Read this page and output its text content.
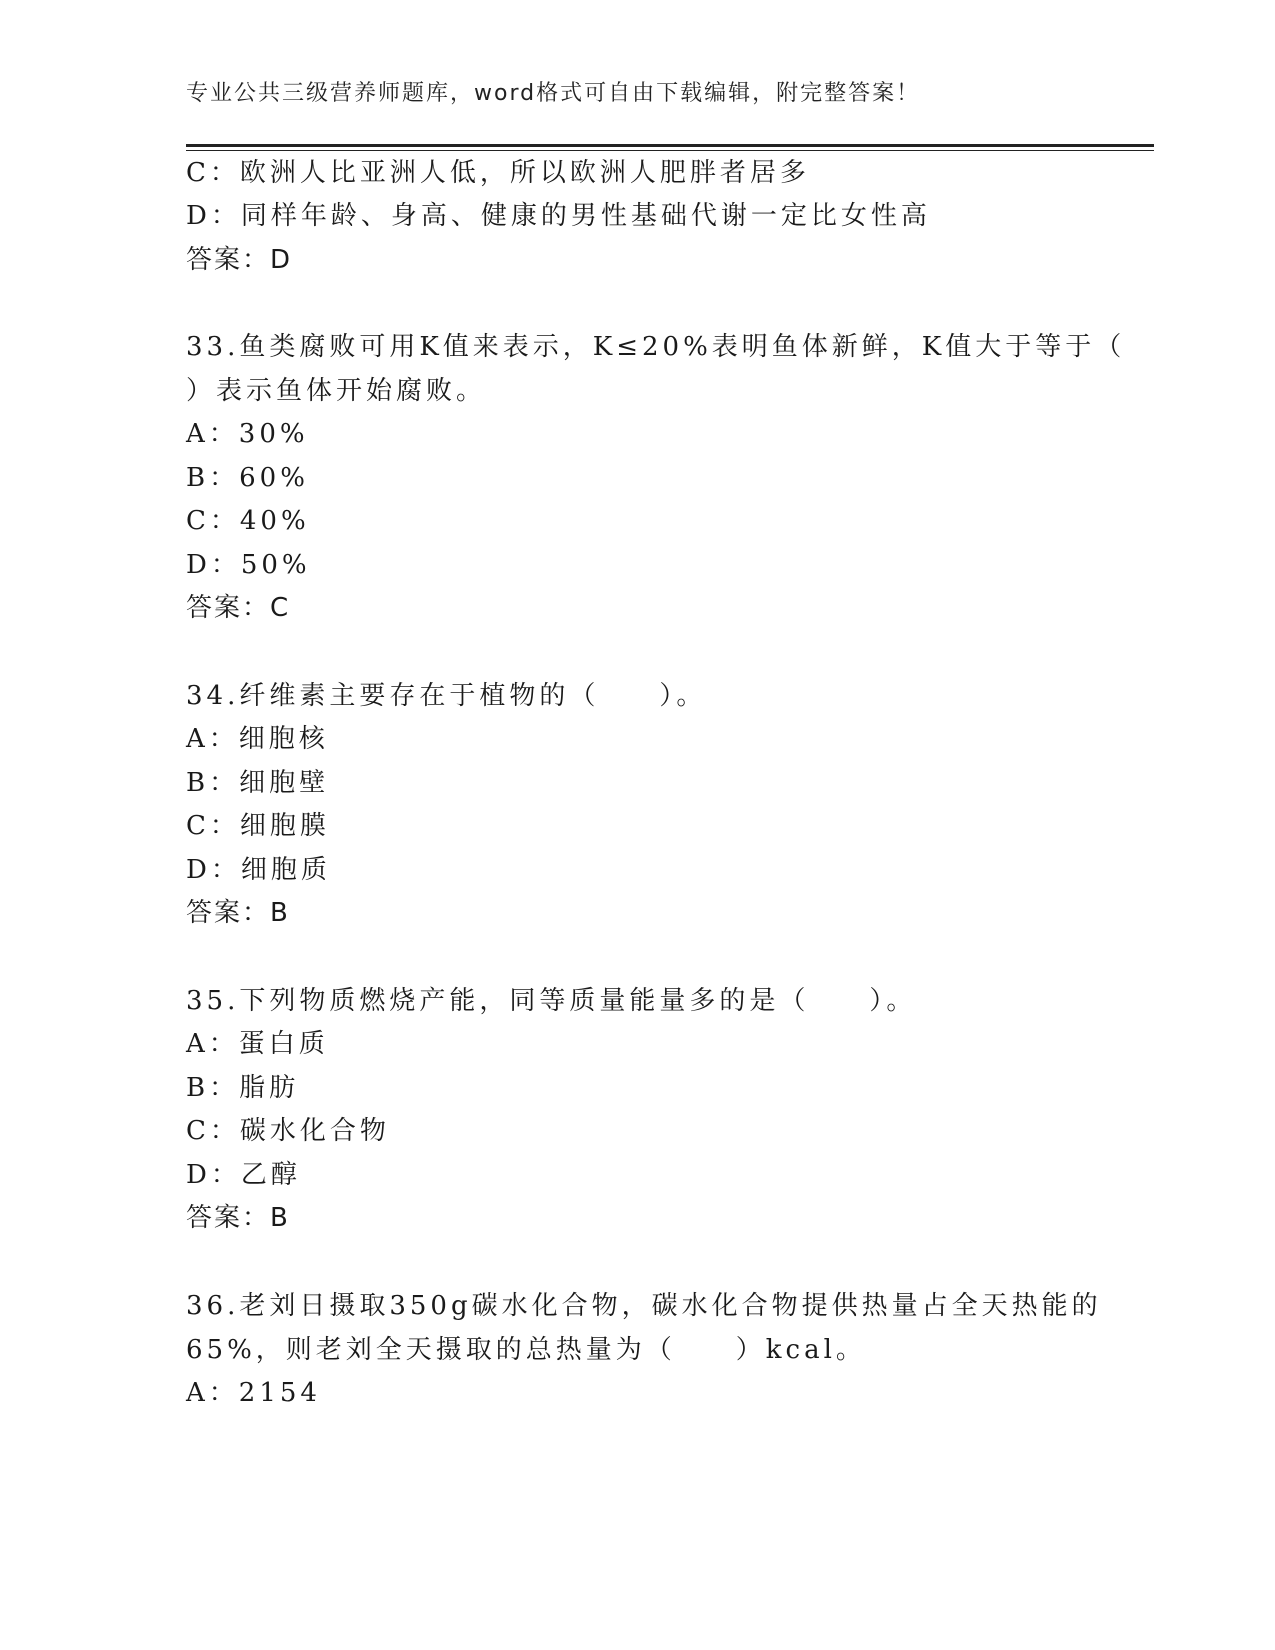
专业公共三级营养师题库，word格式可自由下载编辑，附完整答案！
C：欧洲人比亚洲人低，所以欧洲人肥胖者居多
D：同样年龄、身高、健康的男性基础代谢一定比女性高
答案：D
33.鱼类腐败可用K值来表示，K≤20%表明鱼体新鲜，K值大于等于（
）表示鱼体开始腐败。
A：30%
B：60%
C：40%
D：50%
答案：C
34.纤维素主要存在于植物的（　　）。
A：细胞核
B：细胞壁
C：细胞膜
D：细胞质
答案：B
35.下列物质燃烧产能，同等质量能量多的是（　　）。
A：蛋白质
B：脂肪
C：碳水化合物
D：乙醇
答案：B
36.老刘日摄取350g碳水化合物，碳水化合物提供热量占全天热能的
65%，则老刘全天摄取的总热量为（　　）kcal。
A：2154
